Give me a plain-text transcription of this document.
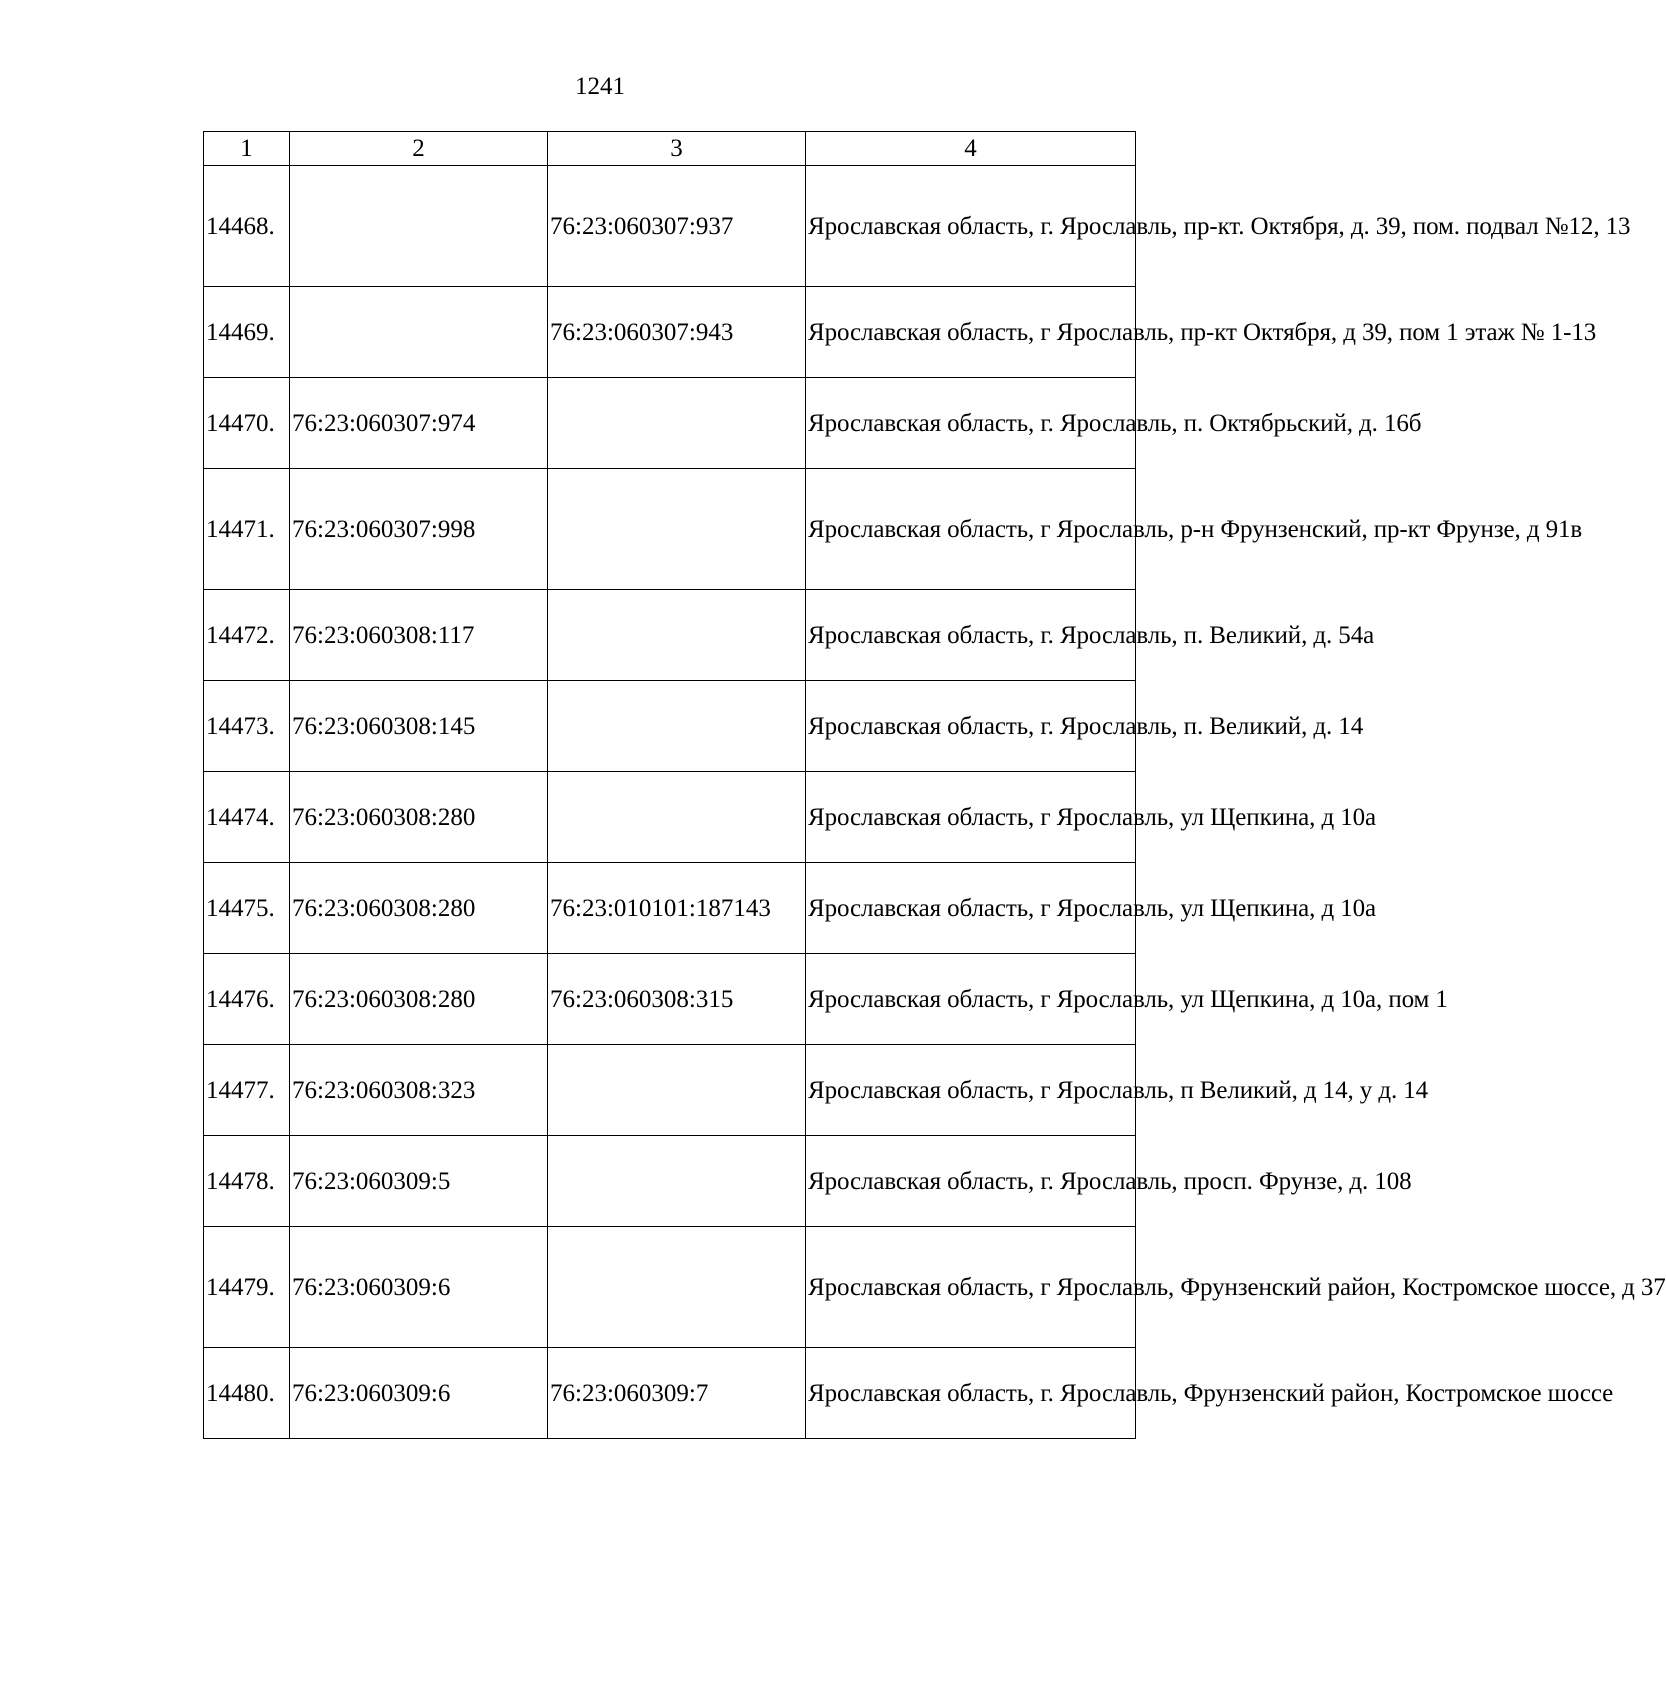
1241
1	2	3	4
14468.		76:23:060307:937	Ярославская область, г. Ярославль, пр-кт. Октября, д. 39, пом. подвал №12, 13
14469.		76:23:060307:943	Ярославская область, г Ярославль, пр-кт Октября, д 39, пом 1 этаж № 1-13
14470.	76:23:060307:974		Ярославская область, г. Ярославль, п. Октябрьский, д. 16б
14471.	76:23:060307:998		Ярославская область, г Ярославль, р-н Фрунзенский, пр-кт Фрунзе, д 91в
14472.	76:23:060308:117		Ярославская область, г. Ярославль, п. Великий, д. 54а
14473.	76:23:060308:145		Ярославская область, г. Ярославль, п. Великий, д. 14
14474.	76:23:060308:280		Ярославская область, г Ярославль, ул Щепкина, д 10а
14475.	76:23:060308:280	76:23:010101:187143	Ярославская область, г Ярославль, ул Щепкина, д 10а
14476.	76:23:060308:280	76:23:060308:315	Ярославская область, г Ярославль, ул Щепкина, д 10а, пом 1
14477.	76:23:060308:323		Ярославская область, г Ярославль, п Великий, д 14, у д. 14
14478.	76:23:060309:5		Ярославская область, г. Ярославль, просп. Фрунзе, д. 108
14479.	76:23:060309:6		Ярославская область, г Ярославль, Фрунзенский район, Костромское шоссе, д 37
14480.	76:23:060309:6	76:23:060309:7	Ярославская область, г. Ярославль, Фрунзенский район, Костромское шоссе
